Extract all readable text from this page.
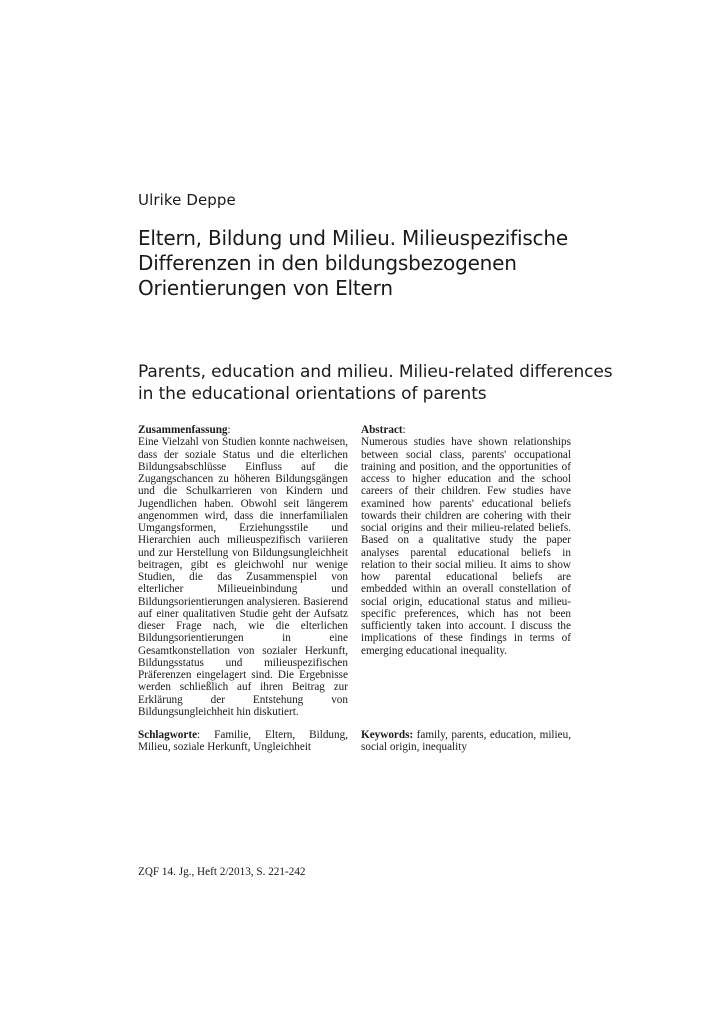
Ulrike Deppe
Eltern, Bildung und Milieu. Milieuspezifische Differenzen in den bildungsbezogenen Orientierungen von Eltern
Parents, education and milieu. Milieu-related differences in the educational orientations of parents
Zusammenfassung:

Eine Vielzahl von Studien konnte nachweisen, dass der soziale Status und die elterlichen Bildungsabschlüsse Einfluss auf die Zugangschancen zu höheren Bildungsgängen und die Schulkarrieren von Kindern und Jugendlichen haben. Obwohl seit längerem angenommen wird, dass die innerfamilialen Umgangsformen, Erziehungsstile und Hierarchien auch milieuspezifisch variieren und zur Herstellung von Bildungsungleichheit beitragen, gibt es gleichwohl nur wenige Studien, die das Zusammenspiel von elterlicher Milieueinbindung und Bildungsorientierungen analysieren. Basierend auf einer qualitativen Studie geht der Aufsatz dieser Frage nach, wie die elterlichen Bildungsorientierungen in eine Gesamtkonstellation von sozialer Herkunft, Bildungsstatus und milieuspezifischen Präferenzen eingelagert sind. Die Ergebnisse werden schließlich auf ihren Beitrag zur Erklärung der Entstehung von Bildungsungleichheit hin diskutiert.

Abstract:

Numerous studies have shown relationships between social class, parents' occupational training and position, and the opportunities of access to higher education and the school careers of their children. Few studies have examined how parents' educational beliefs towards their children are cohering with their social origins and their milieu-related beliefs. Based on a qualitative study the paper analyses parental educational beliefs in relation to their social milieu. It aims to show how parental educational beliefs are embedded within an overall constellation of social origin, educational status and milieu-specific preferences, which has not been sufficiently taken into account. I discuss the implications of these findings in terms of emerging educational inequality.

Schlagworte: Familie, Eltern, Bildung, Milieu, soziale Herkunft, Ungleichheit
Keywords: family, parents, education, milieu, social origin, inequality
ZQF 14. Jg., Heft 2/2013, S. 221-242
